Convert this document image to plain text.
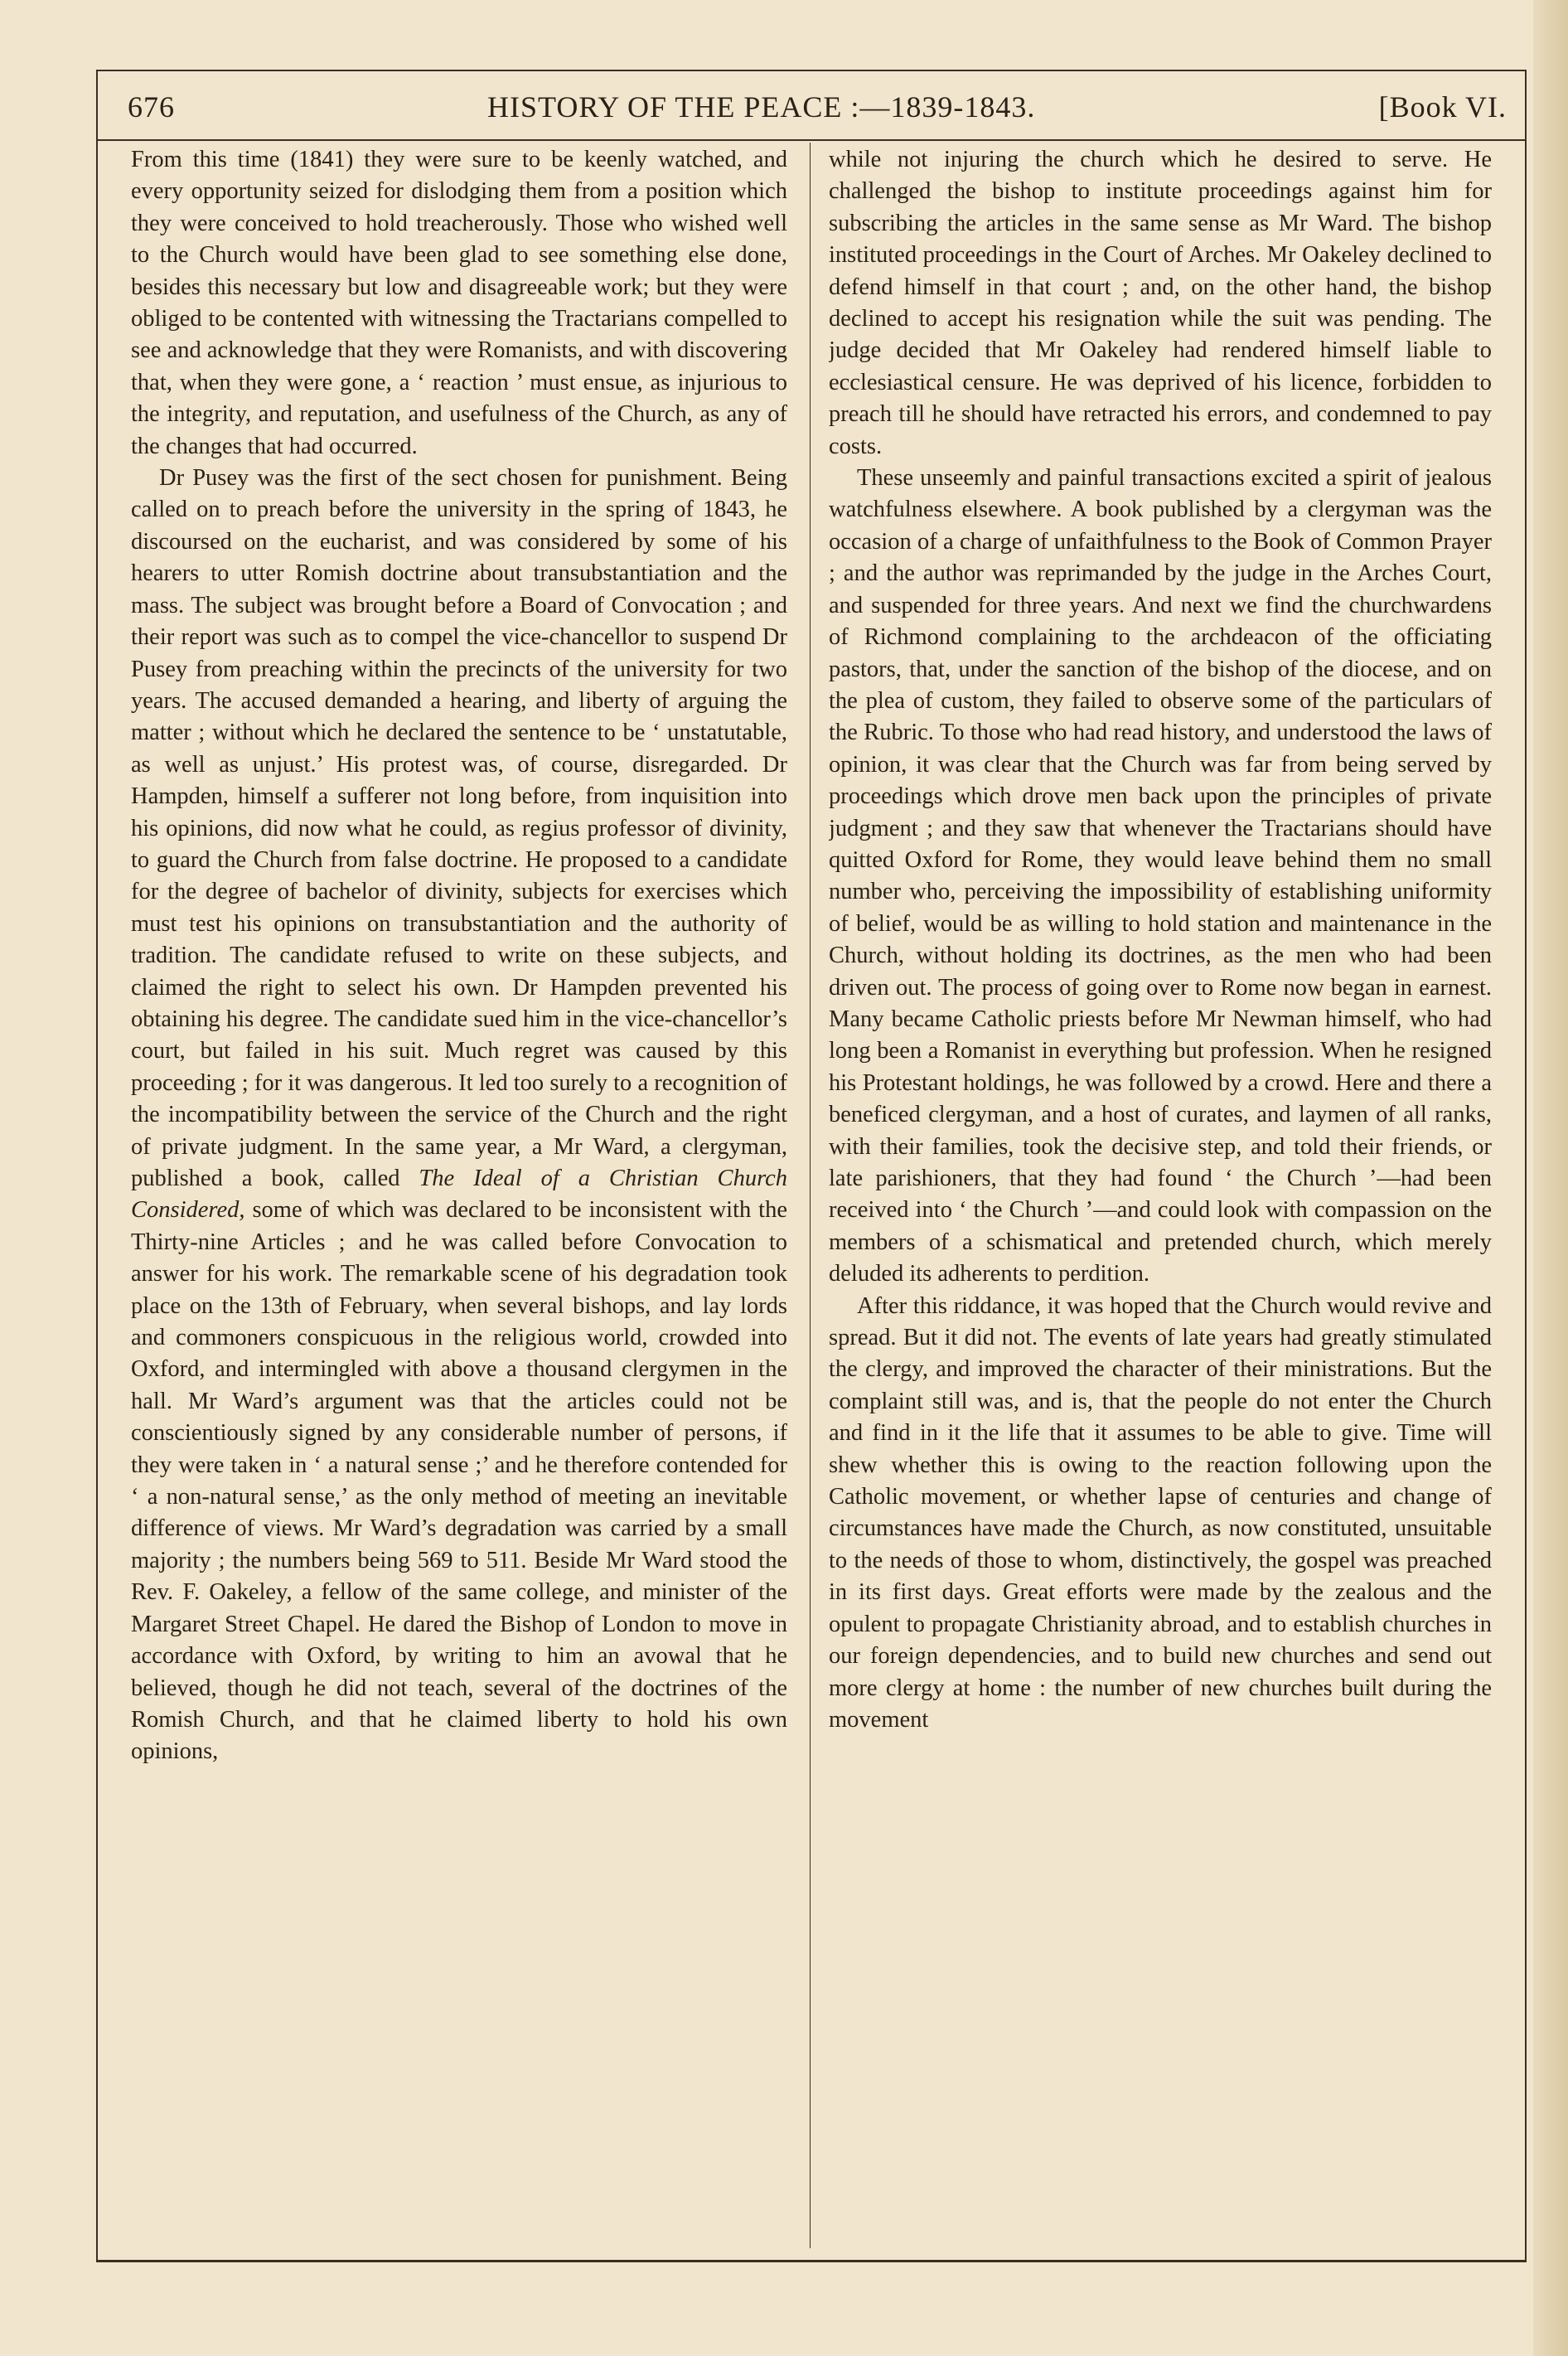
676	HISTORY OF THE PEACE :—1839-1843.	[Book VI.

From this time (1841) they were sure to be keenly watched, and every opportunity seized for dislodging them from a position which they were conceived to hold treacherously. Those who wished well to the Church would have been glad to see something else done, besides this necessary but low and disagreeable work; but they were obliged to be contented with witnessing the Tractarians compelled to see and acknowledge that they were Romanists, and with discovering that, when they were gone, a ‘ reaction ’ must ensue, as injurious to the integrity, and reputation, and usefulness of the Church, as any of the changes that had occurred.

Dr Pusey was the first of the sect chosen for punishment. Being called on to preach before the university in the spring of 1843, he discoursed on the eucharist, and was considered by some of his hearers to utter Romish doctrine about transubstantiation and the mass. The subject was brought before a Board of Convocation ; and their report was such as to compel the vice-chancellor to suspend Dr Pusey from preaching within the precincts of the university for two years. The accused demanded a hearing, and liberty of arguing the matter ; without which he declared the sentence to be ‘ unstatutable, as well as unjust.’ His protest was, of course, disregarded. Dr Hampden, himself a sufferer not long before, from inquisition into his opinions, did now what he could, as regius professor of divinity, to guard the Church from false doctrine. He proposed to a candidate for the degree of bachelor of divinity, subjects for exercises which must test his opinions on transubstantiation and the authority of tradition. The candidate refused to write on these subjects, and claimed the right to select his own. Dr Hampden prevented his obtaining his degree. The candidate sued him in the vice-chancellor’s court, but failed in his suit. Much regret was caused by this proceeding ; for it was dangerous. It led too surely to a recognition of the incompatibility between the service of the Church and the right of private judgment. In the same year, a Mr Ward, a clergyman, published a book, called The Ideal of a Christian Church Considered, some of which was declared to be inconsistent with the Thirty-nine Articles ; and he was called before Convocation to answer for his work. The remarkable scene of his degradation took place on the 13th of February, when several bishops, and lay lords and commoners conspicuous in the religious world, crowded into Oxford, and intermingled with above a thousand clergymen in the hall. Mr Ward’s argument was that the articles could not be conscientiously signed by any considerable number of persons, if they were taken in ‘ a natural sense ;’ and he therefore contended for ‘ a non-natural sense,’ as the only method of meeting an inevitable difference of views. Mr Ward’s degradation was carried by a small majority ; the numbers being 569 to 511. Beside Mr Ward stood the Rev. F. Oakeley, a fellow of the same college, and minister of the Margaret Street Chapel. He dared the Bishop of London to move in accordance with Oxford, by writing to him an avowal that he believed, though he did not teach, several of the doctrines of the Romish Church, and that he claimed liberty to hold his own opinions,

while not injuring the church which he desired to serve. He challenged the bishop to institute proceedings against him for subscribing the articles in the same sense as Mr Ward. The bishop instituted proceedings in the Court of Arches. Mr Oakeley declined to defend himself in that court ; and, on the other hand, the bishop declined to accept his resignation while the suit was pending. The judge decided that Mr Oakeley had rendered himself liable to ecclesiastical censure. He was deprived of his licence, forbidden to preach till he should have retracted his errors, and condemned to pay costs.

These unseemly and painful transactions excited a spirit of jealous watchfulness elsewhere. A book published by a clergyman was the occasion of a charge of unfaithfulness to the Book of Common Prayer ; and the author was reprimanded by the judge in the Arches Court, and suspended for three years. And next we find the churchwardens of Richmond complaining to the archdeacon of the officiating pastors, that, under the sanction of the bishop of the diocese, and on the plea of custom, they failed to observe some of the particulars of the Rubric. To those who had read history, and understood the laws of opinion, it was clear that the Church was far from being served by proceedings which drove men back upon the principles of private judgment ; and they saw that whenever the Tractarians should have quitted Oxford for Rome, they would leave behind them no small number who, perceiving the impossibility of establishing uniformity of belief, would be as willing to hold station and maintenance in the Church, without holding its doctrines, as the men who had been driven out. The process of going over to Rome now began in earnest. Many became Catholic priests before Mr Newman himself, who had long been a Romanist in everything but profession. When he resigned his Protestant holdings, he was followed by a crowd. Here and there a beneficed clergyman, and a host of curates, and laymen of all ranks, with their families, took the decisive step, and told their friends, or late parishioners, that they had found ‘ the Church ’—had been received into ‘ the Church ’—and could look with compassion on the members of a schismatical and pretended church, which merely deluded its adherents to perdition.

After this riddance, it was hoped that the Church would revive and spread. But it did not. The events of late years had greatly stimulated the clergy, and improved the character of their ministrations. But the complaint still was, and is, that the people do not enter the Church and find in it the life that it assumes to be able to give. Time will shew whether this is owing to the reaction following upon the Catholic movement, or whether lapse of centuries and change of circumstances have made the Church, as now constituted, unsuitable to the needs of those to whom, distinctively, the gospel was preached in its first days. Great efforts were made by the zealous and the opulent to propagate Christianity abroad, and to establish churches in our foreign dependencies, and to build new churches and send out more clergy at home : the number of new churches built during the movement
